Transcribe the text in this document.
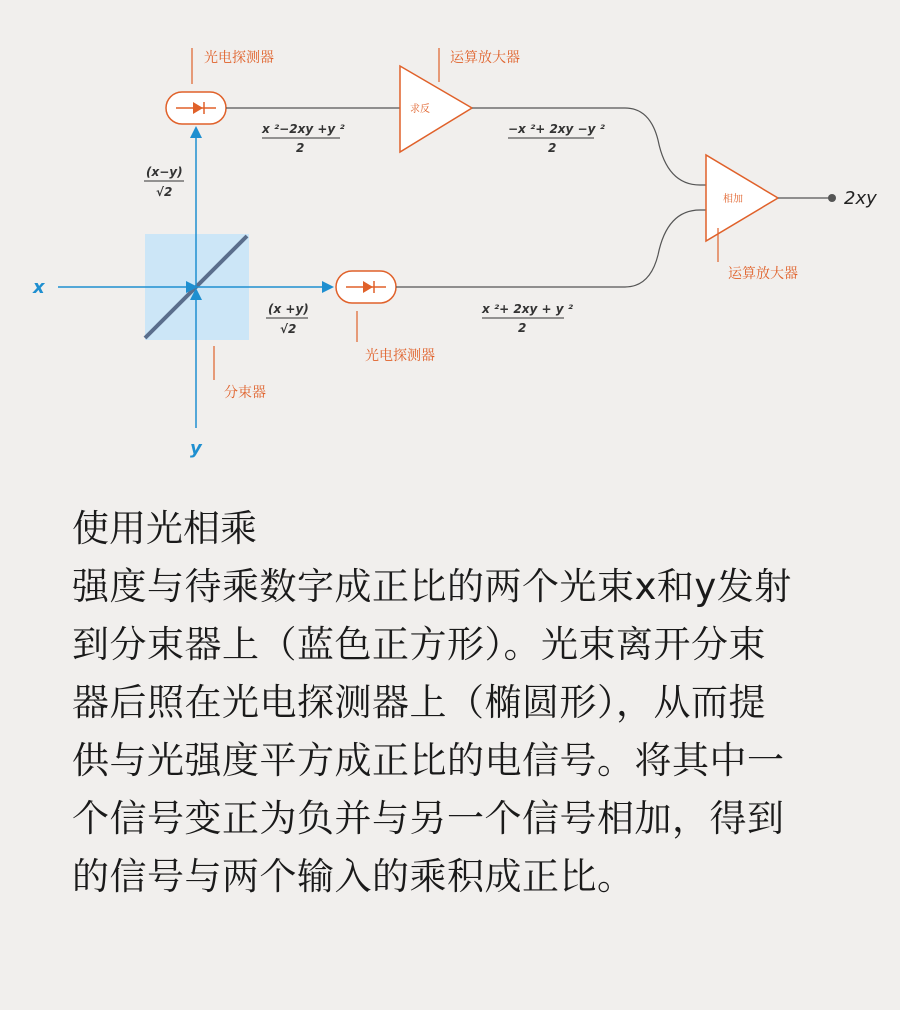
x
y
(x−y)
√2
(x +y)
√2
光电探测器
光电探测器
分束器
求反
运算放大器
x ²−2xy +y ²
2
−x ²+ 2xy −y ²
2
x ²+ 2xy + y ²
2
相加
运算放大器
2xy

使用光相乘

强度与待乘数字成正比的两个光束x和y发射到分束器上（蓝色正方形）。光束离开分束器后照在光电探测器上（椭圆形），从而提供与光强度平方成正比的电信号。将其中一个信号变正为负并与另一个信号相加，得到的信号与两个输入的乘积成正比。
